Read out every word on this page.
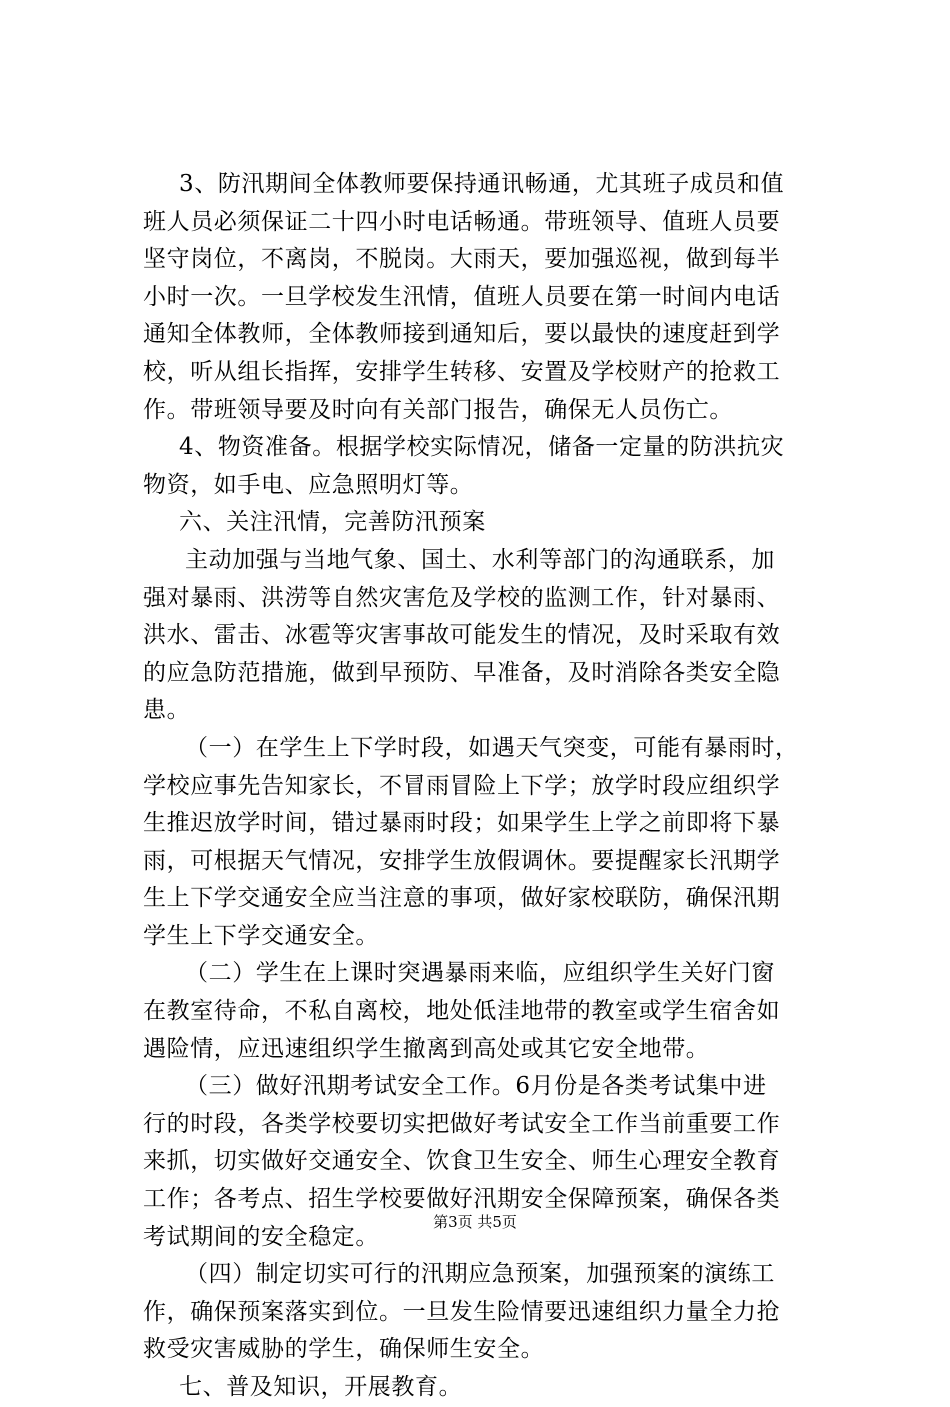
3、防汛期间全体教师要保持通讯畅通，尤其班子成员和值
班人员必须保证二十四小时电话畅通。带班领导、值班人员要
坚守岗位，不离岗，不脱岗。大雨天，要加强巡视，做到每半
小时一次。一旦学校发生汛情，值班人员要在第一时间内电话
通知全体教师，全体教师接到通知后，要以最快的速度赶到学
校，听从组长指挥，安排学生转移、安置及学校财产的抢救工
作。带班领导要及时向有关部门报告，确保无人员伤亡。
4、物资准备。根据学校实际情况，储备一定量的防洪抗灾
物资，如手电、应急照明灯等。
六、关注汛情，完善防汛预案
主动加强与当地气象、国土、水利等部门的沟通联系，加
强对暴雨、洪涝等自然灾害危及学校的监测工作，针对暴雨、
洪水、雷击、冰雹等灾害事故可能发生的情况，及时采取有效
的应急防范措施，做到早预防、早准备，及时消除各类安全隐
患。
（一）在学生上下学时段，如遇天气突变，可能有暴雨时，
学校应事先告知家长，不冒雨冒险上下学；放学时段应组织学
生推迟放学时间，错过暴雨时段；如果学生上学之前即将下暴
雨，可根据天气情况，安排学生放假调休。要提醒家长汛期学
生上下学交通安全应当注意的事项，做好家校联防，确保汛期
学生上下学交通安全。
（二）学生在上课时突遇暴雨来临，应组织学生关好门窗
在教室待命，不私自离校，地处低洼地带的教室或学生宿舍如
遇险情，应迅速组织学生撤离到高处或其它安全地带。
（三）做好汛期考试安全工作。6月份是各类考试集中进
行的时段，各类学校要切实把做好考试安全工作当前重要工作
来抓，切实做好交通安全、饮食卫生安全、师生心理安全教育
工作；各考点、招生学校要做好汛期安全保障预案，确保各类
考试期间的安全稳定。
（四）制定切实可行的汛期应急预案，加强预案的演练工
作，确保预案落实到位。一旦发生险情要迅速组织力量全力抢
救受灾害威胁的学生，确保师生安全。
七、普及知识，开展教育。
第3页 共5页
